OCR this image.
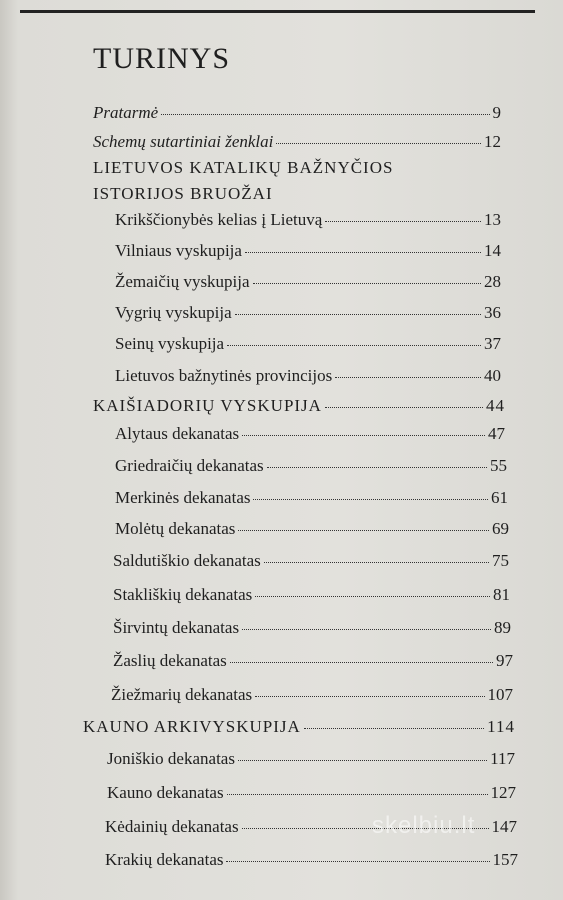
TURINYS
Pratarmė	9
Schemų sutartiniai ženklai	12
LIETUVOS KATALIKŲ BAŽNYČIOS
ISTORIJOS BRUOŽAI
Krikščionybės kelias į Lietuvą	13
Vilniaus vyskupija	14
Žemaičių vyskupija	28
Vygrių vyskupija	36
Seinų vyskupija	37
Lietuvos bažnytinės provincijos	40
KAIŠIADORIŲ VYSKUPIJA	44
Alytaus dekanatas	47
Griedraičių dekanatas	55
Merkinės dekanatas	61
Molėtų dekanatas	69
Saldutiškio dekanatas	75
Stakliškių dekanatas	81
Širvintų dekanatas	89
Žaslių dekanatas	97
Žiežmarių dekanatas	107
KAUNO ARKIVYSKUPIJA	114
Joniškio dekanatas	117
Kauno dekanatas	127
Kėdainių dekanatas	147
Krakių dekanatas	157
skelbiu.lt
